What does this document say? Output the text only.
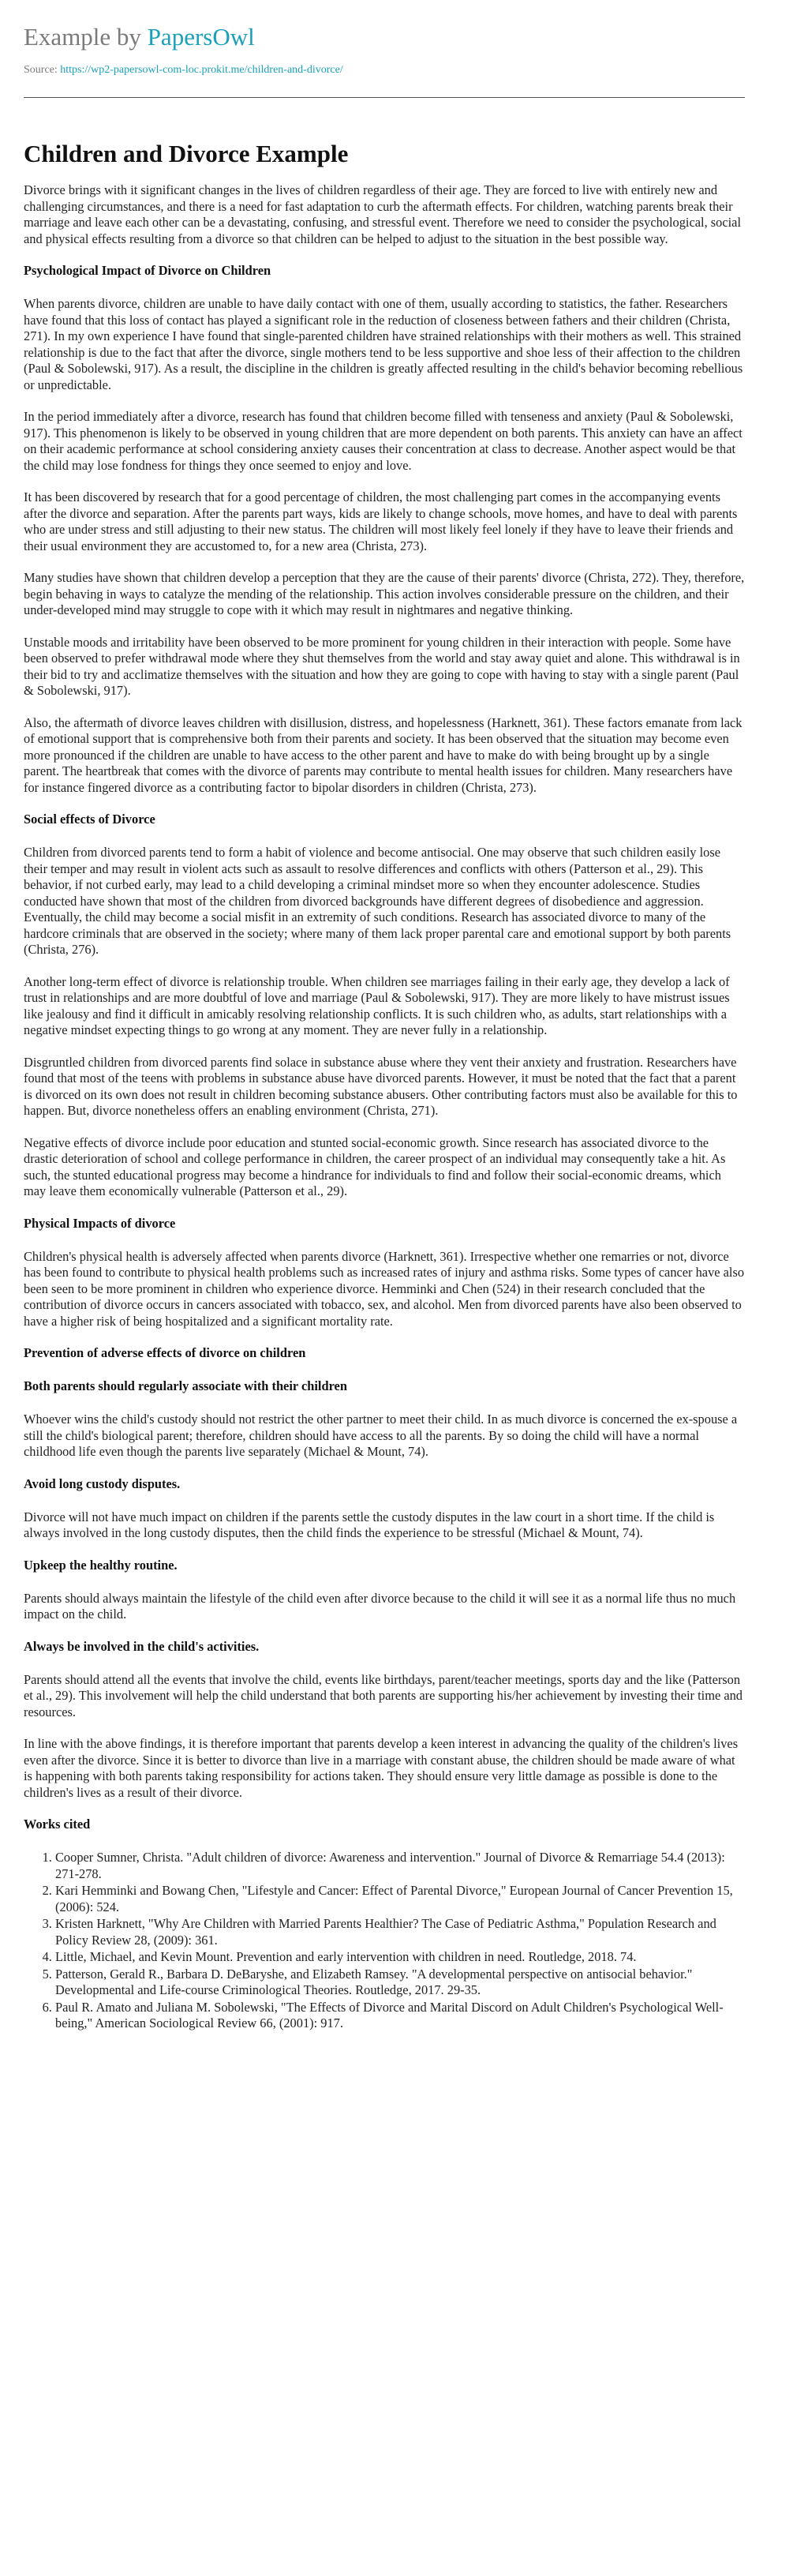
Example by PapersOwl
Source: https://wp2-papersowl-com-loc.prokit.me/children-and-divorce/
Children and Divorce Example

Divorce brings with it significant changes in the lives of children regardless of their age. They are forced to live with entirely new and challenging circumstances, and there is a need for fast adaptation to curb the aftermath effects. For children, watching parents break their marriage and leave each other can be a devastating, confusing, and stressful event. Therefore we need to consider the psychological, social and physical effects resulting from a divorce so that children can be helped to adjust to the situation in the best possible way.

Psychological Impact of Divorce on Children

When parents divorce, children are unable to have daily contact with one of them, usually according to statistics, the father. Researchers have found that this loss of contact has played a significant role in the reduction of closeness between fathers and their children (Christa, 271). In my own experience I have found that single-parented children have strained relationships with their mothers as well. This strained relationship is due to the fact that after the divorce, single mothers tend to be less supportive and shoe less of their affection to the children (Paul & Sobolewski, 917). As a result, the discipline in the children is greatly affected resulting in the child's behavior becoming rebellious or unpredictable.

In the period immediately after a divorce, research has found that children become filled with tenseness and anxiety (Paul & Sobolewski, 917). This phenomenon is likely to be observed in young children that are more dependent on both parents. This anxiety can have an affect on their academic performance at school considering anxiety causes their concentration at class to decrease. Another aspect would be that the child may lose fondness for things they once seemed to enjoy and love.

It has been discovered by research that for a good percentage of children, the most challenging part comes in the accompanying events after the divorce and separation. After the parents part ways, kids are likely to change schools, move homes, and have to deal with parents who are under stress and still adjusting to their new status. The children will most likely feel lonely if they have to leave their friends and their usual environment they are accustomed to, for a new area (Christa, 273).

Many studies have shown that children develop a perception that they are the cause of their parents' divorce (Christa, 272). They, therefore, begin behaving in ways to catalyze the mending of the relationship. This action involves considerable pressure on the children, and their under-developed mind may struggle to cope with it which may result in nightmares and negative thinking.

Unstable moods and irritability have been observed to be more prominent for young children in their interaction with people. Some have been observed to prefer withdrawal mode where they shut themselves from the world and stay away quiet and alone. This withdrawal is in their bid to try and acclimatize themselves with the situation and how they are going to cope with having to stay with a single parent (Paul & Sobolewski, 917).

Also, the aftermath of divorce leaves children with disillusion, distress, and hopelessness (Harknett, 361). These factors emanate from lack of emotional support that is comprehensive both from their parents and society. It has been observed that the situation may become even more pronounced if the children are unable to have access to the other parent and have to make do with being brought up by a single parent. The heartbreak that comes with the divorce of parents may contribute to mental health issues for children. Many researchers have for instance fingered divorce as a contributing factor to bipolar disorders in children (Christa, 273).

Social effects of Divorce

Children from divorced parents tend to form a habit of violence and become antisocial. One may observe that such children easily lose their temper and may result in violent acts such as assault to resolve differences and conflicts with others (Patterson et al., 29). This behavior, if not curbed early, may lead to a child developing a criminal mindset more so when they encounter adolescence. Studies conducted have shown that most of the children from divorced backgrounds have different degrees of disobedience and aggression. Eventually, the child may become a social misfit in an extremity of such conditions. Research has associated divorce to many of the hardcore criminals that are observed in the society; where many of them lack proper parental care and emotional support by both parents (Christa, 276).

Another long-term effect of divorce is relationship trouble. When children see marriages failing in their early age, they develop a lack of trust in relationships and are more doubtful of love and marriage (Paul & Sobolewski, 917). They are more likely to have mistrust issues like jealousy and find it difficult in amicably resolving relationship conflicts. It is such children who, as adults, start relationships with a negative mindset expecting things to go wrong at any moment. They are never fully in a relationship.

Disgruntled children from divorced parents find solace in substance abuse where they vent their anxiety and frustration. Researchers have found that most of the teens with problems in substance abuse have divorced parents. However, it must be noted that the fact that a parent is divorced on its own does not result in children becoming substance abusers. Other contributing factors must also be available for this to happen. But, divorce nonetheless offers an enabling environment (Christa, 271).

Negative effects of divorce include poor education and stunted social-economic growth. Since research has associated divorce to the drastic deterioration of school and college performance in children, the career prospect of an individual may consequently take a hit. As such, the stunted educational progress may become a hindrance for individuals to find and follow their social-economic dreams, which may leave them economically vulnerable (Patterson et al., 29).

Physical Impacts of divorce

Children's physical health is adversely affected when parents divorce (Harknett, 361). Irrespective whether one remarries or not, divorce has been found to contribute to physical health problems such as increased rates of injury and asthma risks. Some types of cancer have also been seen to be more prominent in children who experience divorce. Hemminki and Chen (524) in their research concluded that the contribution of divorce occurs in cancers associated with tobacco, sex, and alcohol. Men from divorced parents have also been observed to have a higher risk of being hospitalized and a significant mortality rate.

Prevention of adverse effects of divorce on children
Both parents should regularly associate with their children

Whoever wins the child's custody should not restrict the other partner to meet their child. In as much divorce is concerned the ex-spouse a still the child's biological parent; therefore, children should have access to all the parents. By so doing the child will have a normal childhood life even though the parents live separately (Michael & Mount, 74).

Avoid long custody disputes.

Divorce will not have much impact on children if the parents settle the custody disputes in the law court in a short time. If the child is always involved in the long custody disputes, then the child finds the experience to be stressful (Michael & Mount, 74).

Upkeep the healthy routine.

Parents should always maintain the lifestyle of the child even after divorce because to the child it will see it as a normal life thus no much impact on the child.

Always be involved in the child's activities.

Parents should attend all the events that involve the child, events like birthdays, parent/teacher meetings, sports day and the like (Patterson et al., 29). This involvement will help the child understand that both parents are supporting his/her achievement by investing their time and resources.

In line with the above findings, it is therefore important that parents develop a keen interest in advancing the quality of the children's lives even after the divorce. Since it is better to divorce than live in a marriage with constant abuse, the children should be made aware of what is happening with both parents taking responsibility for actions taken. They should ensure very little damage as possible is done to the children's lives as a result of their divorce.

Works cited
1. Cooper Sumner, Christa. "Adult children of divorce: Awareness and intervention." Journal of Divorce & Remarriage 54.4 (2013): 271-278.
2. Kari Hemminki and Bowang Chen, "Lifestyle and Cancer: Effect of Parental Divorce," European Journal of Cancer Prevention 15, (2006): 524.
3. Kristen Harknett, "Why Are Children with Married Parents Healthier? The Case of Pediatric Asthma," Population Research and Policy Review 28, (2009): 361.
4. Little, Michael, and Kevin Mount. Prevention and early intervention with children in need. Routledge, 2018. 74.
5. Patterson, Gerald R., Barbara D. DeBaryshe, and Elizabeth Ramsey. "A developmental perspective on antisocial behavior." Developmental and Life-course Criminological Theories. Routledge, 2017. 29-35.
6. Paul R. Amato and Juliana M. Sobolewski, "The Effects of Divorce and Marital Discord on Adult Children's Psychological Well-being," American Sociological Review 66, (2001): 917.
